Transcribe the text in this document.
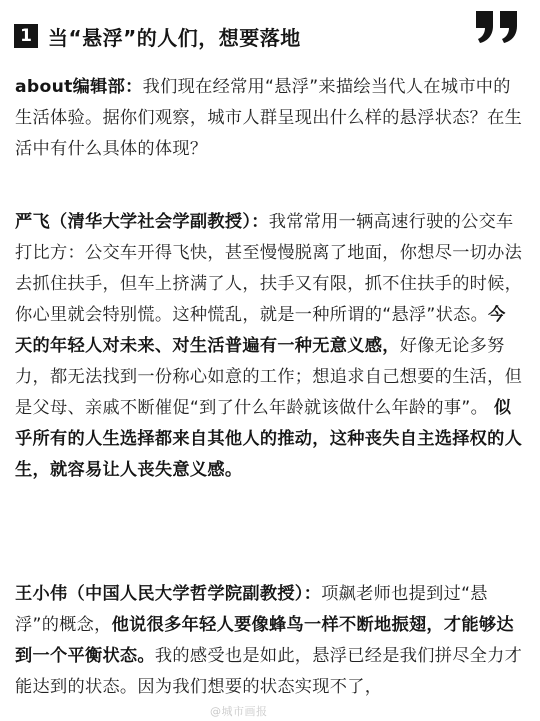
1 当“悬浮”的人们，想要落地
about编辑部：我们现在经常用“悬浮”来描绘当代人在城市中的生活体验。据你们观察，城市人群呈现出什么样的悬浮状态？在生活中有什么具体的体现？
严飞（清华大学社会学副教授）：我常常用一辆高速行驶的公交车打比方：公交车开得飞快，甚至慢慢脱离了地面，你想尽一切办法去抓住扶手，但车上挤满了人，扶手又有限，抓不住扶手的时候，你心里就会特别慌。这种慌乱，就是一种所谓的“悬浮”状态。今天的年轻人对未来、对生活普遍有一种无意义感，好像无论多努力，都无法找到一份称心如意的工作；想追求自己想要的生活，但是父母、亲戚不断催促“到了什么年龄就该做什么年龄的事”。 似乎所有的人生选择都来自其他人的推动，这种丧失自主选择权的人生，就容易让人丧失意义感。
王小伟（中国人民大学哲学院副教授）：项飙老师也提到过“悬浮”的概念，他说很多年轻人要像蜂鸟一样不断地振翅，才能够达到一个平衡状态。我的感受也是如此，悬浮已经是我们拼尽全力才能达到的状态。因为我们想要的状态实现不了，
@城市画报
